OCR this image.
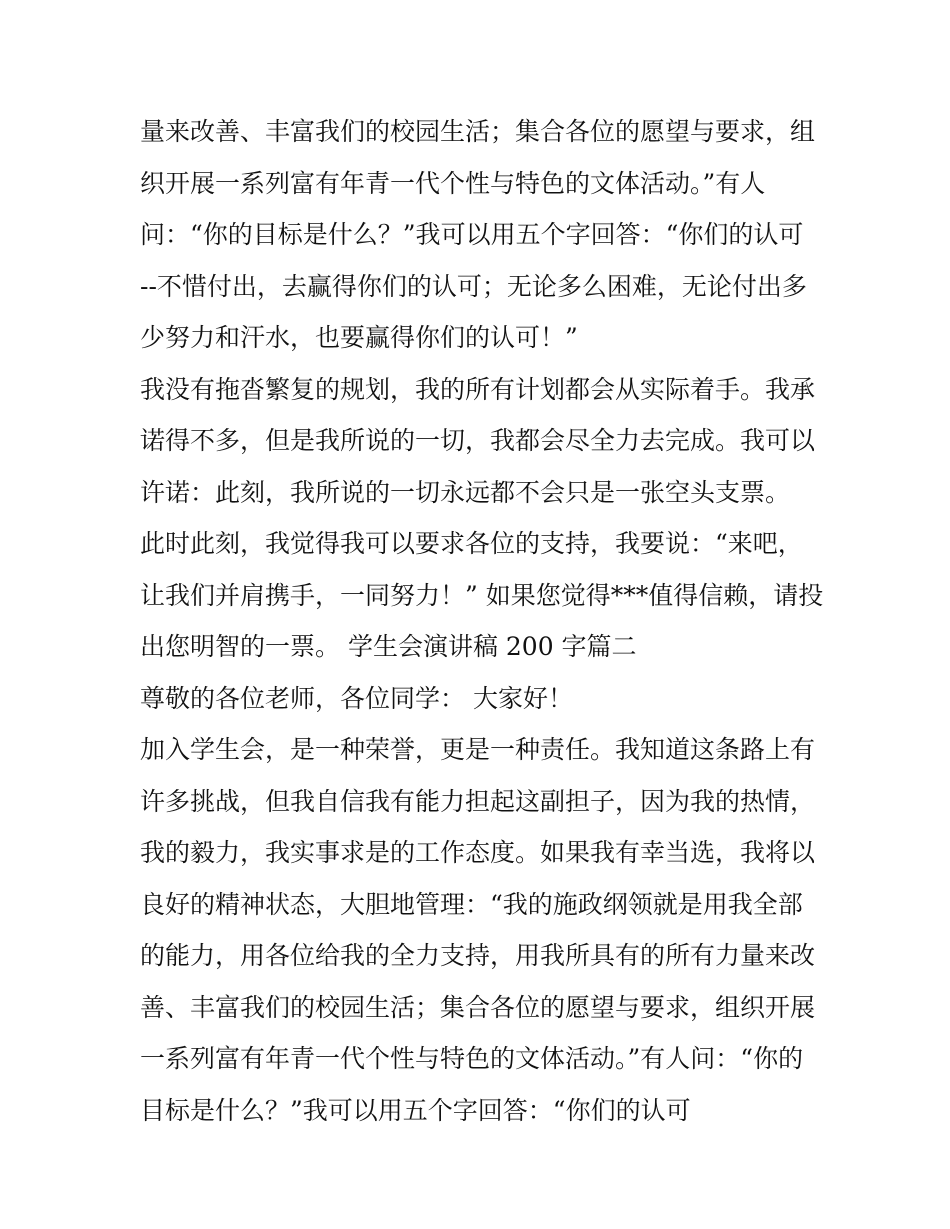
量来改善、丰富我们的校园生活；集合各位的愿望与要求，组
织开展一系列富有年青一代个性与特色的文体活动。”有人
问：“你的目标是什么？”我可以用五个字回答：“你们的认可
--不惜付出，去赢得你们的认可；无论多么困难，无论付出多
少努力和汗水，也要赢得你们的认可！”
我没有拖沓繁复的规划，我的所有计划都会从实际着手。我承
诺得不多，但是我所说的一切，我都会尽全力去完成。我可以
许诺：此刻，我所说的一切永远都不会只是一张空头支票。
此时此刻，我觉得我可以要求各位的支持，我要说：“来吧，
让我们并肩携手，一同努力！” 如果您觉得***值得信赖，请投
出您明智的一票。 学生会演讲稿 200 字篇二
尊敬的各位老师，各位同学： 大家好！
加入学生会，是一种荣誉，更是一种责任。我知道这条路上有
许多挑战，但我自信我有能力担起这副担子，因为我的热情，
我的毅力，我实事求是的工作态度。如果我有幸当选，我将以
良好的精神状态，大胆地管理：“我的施政纲领就是用我全部
的能力，用各位给我的全力支持，用我所具有的所有力量来改
善、丰富我们的校园生活；集合各位的愿望与要求，组织开展
一系列富有年青一代个性与特色的文体活动。”有人问：“你的
目标是什么？”我可以用五个字回答：“你们的认可
